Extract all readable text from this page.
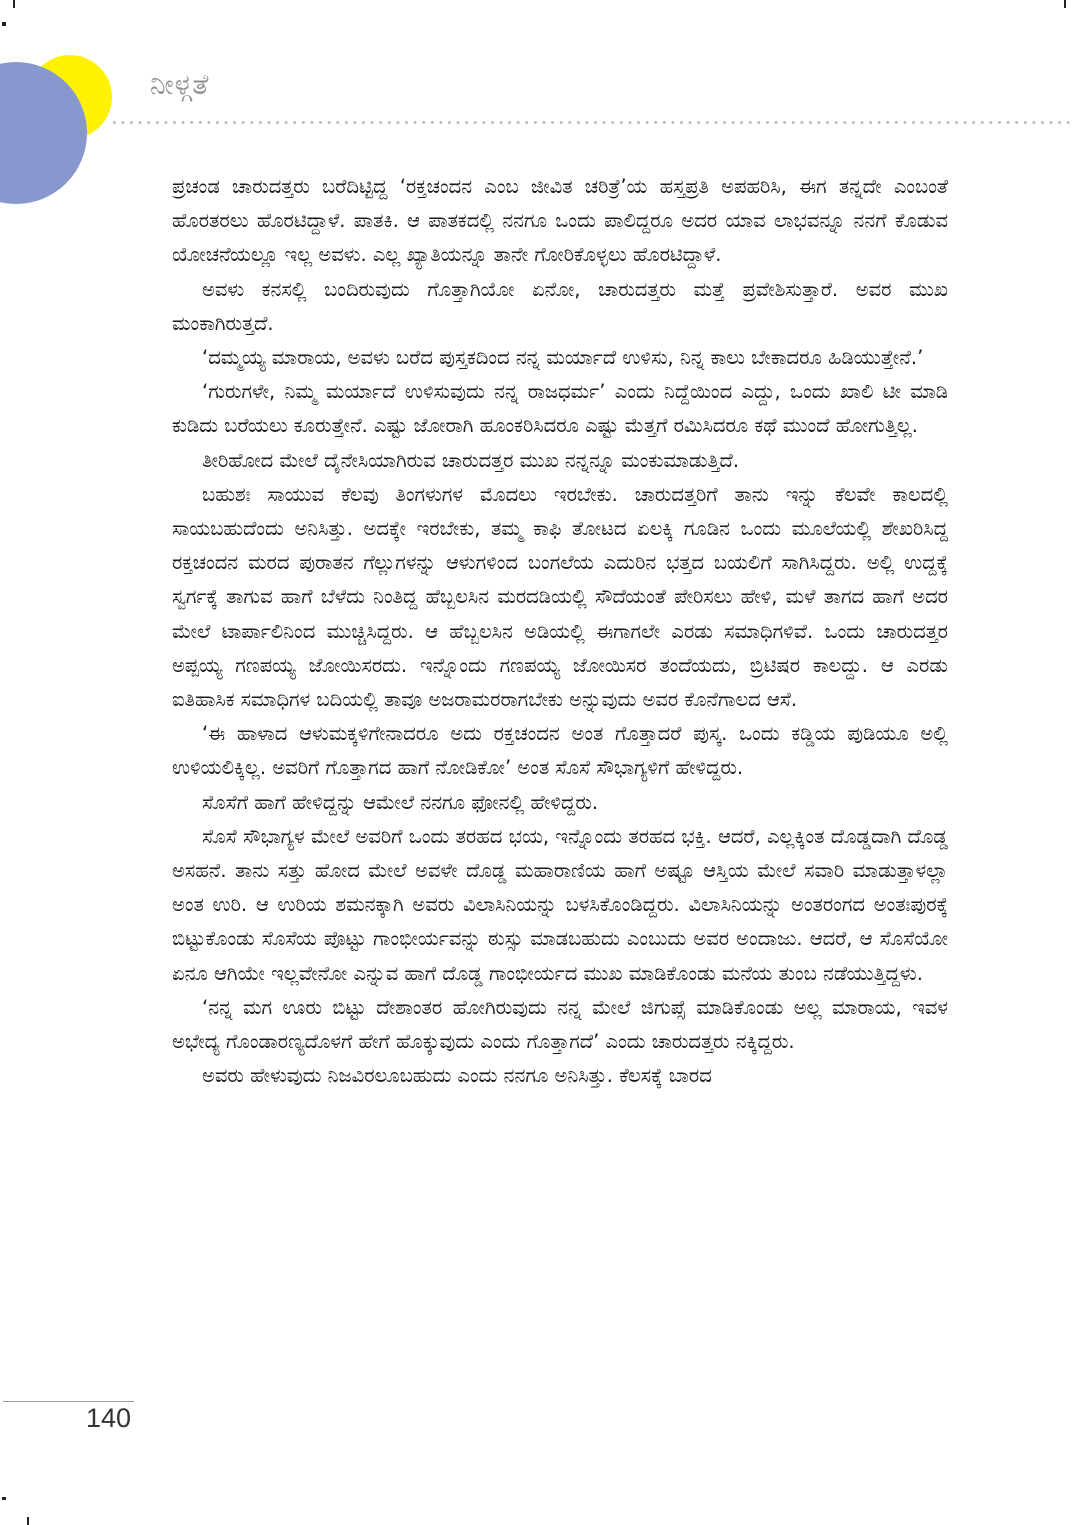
ನೀಳ್ಗತೆ

ಪ್ರಚಂಡ ಚಾರುದತ್ತರು ಬರೆದಿಟ್ಟಿದ್ದ ‘ರಕ್ತಚಂದನ ಎಂಬ ಜೀವಿತ ಚರಿತ್ರೆ’ಯ ಹಸ್ತಪ್ರತಿ ಅಪಹರಿಸಿ, ಈಗ ತನ್ನದೇ ಎಂಬಂತೆ ಹೊರತರಲು ಹೊರಟಿದ್ದಾಳೆ. ಪಾತಕಿ. ಆ ಪಾತಕದಲ್ಲಿ ನನಗೂ ಒಂದು ಪಾಲಿದ್ದರೂ ಅದರ ಯಾವ ಲಾಭವನ್ನೂ ನನಗೆ ಕೊಡುವ ಯೋಚನೆಯಲ್ಲೂ ಇಲ್ಲ ಅವಳು. ಎಲ್ಲ ಖ್ಯಾತಿಯನ್ನೂ ತಾನೇ ಗೋರಿಕೊಳ್ಳಲು ಹೊರಟಿದ್ದಾಳೆ.

ಅವಳು ಕನಸಲ್ಲಿ ಬಂದಿರುವುದು ಗೊತ್ತಾಗಿಯೋ ಏನೋ, ಚಾರುದತ್ತರು ಮತ್ತೆ ಪ್ರವೇಶಿಸುತ್ತಾರೆ. ಅವರ ಮುಖ ಮಂಕಾಗಿರುತ್ತದೆ.

‘ದಮ್ಮಯ್ಯ ಮಾರಾಯ, ಅವಳು ಬರೆದ ಪುಸ್ತಕದಿಂದ ನನ್ನ ಮರ್ಯಾದೆ ಉಳಿಸು, ನಿನ್ನ ಕಾಲು ಬೇಕಾದರೂ ಹಿಡಿಯುತ್ತೇನೆ.’

‘ಗುರುಗಳೇ, ನಿಮ್ಮ ಮರ್ಯಾದೆ ಉಳಿಸುವುದು ನನ್ನ ರಾಜಧರ್ಮ’ ಎಂದು ನಿದ್ದೆಯಿಂದ ಎದ್ದು, ಒಂದು ಖಾಲಿ ಟೀ ಮಾಡಿ ಕುಡಿದು ಬರೆಯಲು ಕೂರುತ್ತೇನೆ. ಎಷ್ಟು ಜೋರಾಗಿ ಹೂಂಕರಿಸಿದರೂ ಎಷ್ಟು ಮೆತ್ತಗೆ ರಮಿಸಿದರೂ ಕಥೆ ಮುಂದೆ ಹೋಗುತ್ತಿಲ್ಲ.

ತೀರಿಹೋದ ಮೇಲೆ ದೈನೇಸಿಯಾಗಿರುವ ಚಾರುದತ್ತರ ಮುಖ ನನ್ನನ್ನೂ ಮಂಕುಮಾಡುತ್ತಿದೆ.

ಬಹುಶಃ ಸಾಯುವ ಕೆಲವು ತಿಂಗಳುಗಳ ಮೊದಲು ಇರಬೇಕು. ಚಾರುದತ್ತರಿಗೆ ತಾನು ಇನ್ನು ಕೆಲವೇ ಕಾಲದಲ್ಲಿ ಸಾಯಬಹುದೆಂದು ಅನಿಸಿತ್ತು. ಅದಕ್ಕೇ ಇರಬೇಕು, ತಮ್ಮ ಕಾಫಿ ತೋಟದ ಏಲಕ್ಕಿ ಗೂಡಿನ ಒಂದು ಮೂಲೆಯಲ್ಲಿ ಶೇಖರಿಸಿದ್ದ ರಕ್ತಚಂದನ ಮರದ ಪುರಾತನ ಗೆಲ್ಲುಗಳನ್ನು ಆಳುಗಳಿಂದ ಬಂಗಲೆಯ ಎದುರಿನ ಭತ್ತದ ಬಯಲಿಗೆ ಸಾಗಿಸಿದ್ದರು. ಅಲ್ಲಿ ಉದ್ದಕ್ಕೆ ಸ್ವರ್ಗಕ್ಕೆ ತಾಗುವ ಹಾಗೆ ಬೆಳೆದು ನಿಂತಿದ್ದ ಹೆಬ್ಬಲಸಿನ ಮರದಡಿಯಲ್ಲಿ ಸೌದೆಯಂತೆ ಪೇರಿಸಲು ಹೇಳಿ, ಮಳೆ ತಾಗದ ಹಾಗೆ ಅದರ ಮೇಲೆ ಟಾರ್ಪಾಲಿನಿಂದ ಮುಚ್ಚಿಸಿದ್ದರು. ಆ ಹೆಬ್ಬಲಸಿನ ಅಡಿಯಲ್ಲಿ ಈಗಾಗಲೇ ಎರಡು ಸಮಾಧಿಗಳಿವೆ. ಒಂದು ಚಾರುದತ್ತರ ಅಪ್ಪಯ್ಯ ಗಣಪಯ್ಯ ಜೋಯಿಸರದು. ಇನ್ನೊಂದು ಗಣಪಯ್ಯ ಜೋಯಿಸರ ತಂದೆಯದು, ಬ್ರಿಟಿಷರ ಕಾಲದ್ದು. ಆ ಎರಡು ಐತಿಹಾಸಿಕ ಸಮಾಧಿಗಳ ಬದಿಯಲ್ಲಿ ತಾವೂ ಅಜರಾಮರರಾಗಬೇಕು ಅನ್ನುವುದು ಅವರ ಕೊನೆಗಾಲದ ಆಸೆ.

‘ಈ ಹಾಳಾದ ಆಳುಮಕ್ಕಳಿಗೇನಾದರೂ ಅದು ರಕ್ತಚಂದನ ಅಂತ ಗೊತ್ತಾದರೆ ಪುಸ್ಕ. ಒಂದು ಕಡ್ಡಿಯ ಪುಡಿಯೂ ಅಲ್ಲಿ ಉಳಿಯಲಿಕ್ಕಿಲ್ಲ. ಅವರಿಗೆ ಗೊತ್ತಾಗದ ಹಾಗೆ ನೋಡಿಕೋ’ ಅಂತ ಸೊಸೆ ಸೌಭಾಗ್ಯಳಿಗೆ ಹೇಳಿದ್ದರು.

ಸೊಸೆಗೆ ಹಾಗೆ ಹೇಳಿದ್ದನ್ನು ಆಮೇಲೆ ನನಗೂ ಫೋನಲ್ಲಿ ಹೇಳಿದ್ದರು.

ಸೊಸೆ ಸೌಭಾಗ್ಯಳ ಮೇಲೆ ಅವರಿಗೆ ಒಂದು ತರಹದ ಭಯ, ಇನ್ನೊಂದು ತರಹದ ಭಕ್ತಿ. ಆದರೆ, ಎಲ್ಲಕ್ಕಿಂತ ದೊಡ್ಡದಾಗಿ ದೊಡ್ಡ ಅಸಹನೆ. ತಾನು ಸತ್ತು ಹೋದ ಮೇಲೆ ಅವಳೇ ದೊಡ್ಡ ಮಹಾರಾಣಿಯ ಹಾಗೆ ಅಷ್ಟೂ ಆಸ್ತಿಯ ಮೇಲೆ ಸವಾರಿ ಮಾಡುತ್ತಾಳಲ್ಲಾ ಅಂತ ಉರಿ. ಆ ಉರಿಯ ಶಮನಕ್ಕಾಗಿ ಅವರು ವಿಲಾಸಿನಿಯನ್ನು ಬಳಸಿಕೊಂಡಿದ್ದರು. ವಿಲಾಸಿನಿಯನ್ನು ಅಂತರಂಗದ ಅಂತಃಪುರಕ್ಕೆ ಬಿಟ್ಟುಕೊಂಡು ಸೊಸೆಯ ಪೊಟ್ಟು ಗಾಂಭೀರ್ಯವನ್ನು ಠುಸ್ಸು ಮಾಡಬಹುದು ಎಂಬುದು ಅವರ ಅಂದಾಜು. ಆದರೆ, ಆ ಸೊಸೆಯೋ ಏನೂ ಆಗಿಯೇ ಇಲ್ಲವೇನೋ ಎನ್ನುವ ಹಾಗೆ ದೊಡ್ಡ ಗಾಂಭೀರ್ಯದ ಮುಖ ಮಾಡಿಕೊಂಡು ಮನೆಯ ತುಂಬ ನಡೆಯುತ್ತಿದ್ದಳು.

‘ನನ್ನ ಮಗ ಊರು ಬಿಟ್ಟು ದೇಶಾಂತರ ಹೋಗಿರುವುದು ನನ್ನ ಮೇಲೆ ಜಿಗುಪ್ಸೆ ಮಾಡಿಕೊಂಡು ಅಲ್ಲ ಮಾರಾಯ, ಇವಳ ಅಭೇದ್ಯ ಗೊಂಡಾರಣ್ಯದೊಳಗೆ ಹೇಗೆ ಹೊಕ್ಕುವುದು ಎಂದು ಗೊತ್ತಾಗದೆ’ ಎಂದು ಚಾರುದತ್ತರು ನಕ್ಕಿದ್ದರು.

ಅವರು ಹೇಳುವುದು ನಿಜವಿರಲೂಬಹುದು ಎಂದು ನನಗೂ ಅನಿಸಿತ್ತು. ಕೆಲಸಕ್ಕೆ ಬಾರದ

140
